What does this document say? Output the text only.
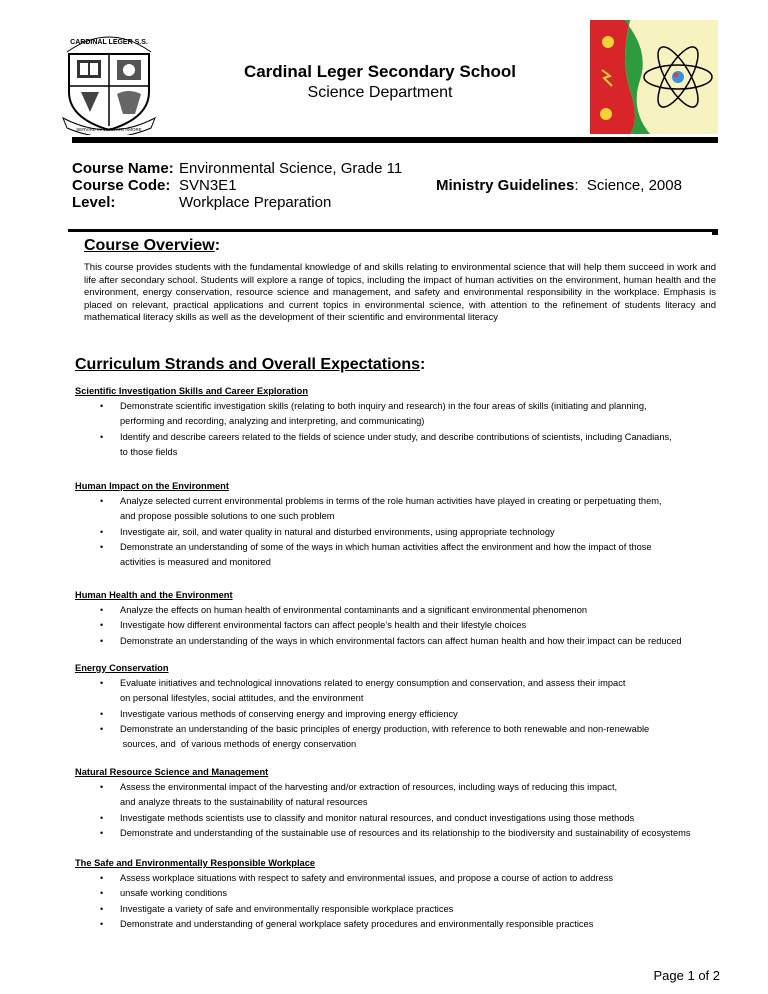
CARDINAL LEGER S.S.
SERVIRE IN VERITATE AMORE
Cardinal Leger Secondary School
Science Department
Course Name: Environmental Science, Grade 11
Course Code: SVN3E1
Level:	Workplace Preparation
Ministry Guidelines:  Science, 2008
Course Overview:
This course provides students with the fundamental knowledge of and skills relating to environmental science that will help them succeed in work and life after secondary school. Students will explore a range of topics, including the impact of human activities on the environment, human health and the environment, energy conservation, resource science and management, and safety and environmental responsibility in the workplace. Emphasis is placed on relevant, practical applications and current topics in environmental science, with attention to the refinement of students literacy and mathematical literacy skills as well as the development of their scientific and environmental literacy
Curriculum Strands and Overall Expectations:
Scientific Investigation Skills and Career Exploration
• Demonstrate scientific investigation skills (relating to both inquiry and research) in the four areas of skills (initiating and planning,
performing and recording, analyzing and interpreting, and communicating)
• Identify and describe careers related to the fields of science under study, and describe contributions of scientists, including Canadians,
to those fields
Human Impact on the Environment
• Analyze selected current environmental problems in terms of the role human activities have played in creating or perpetuating them,
and propose possible solutions to one such problem
• Investigate air, soil, and water quality in natural and disturbed environments, using appropriate technology
• Demonstrate an understanding of some of the ways in which human activities affect the environment and how the impact of those
activities is measured and monitored
Human Health and the Environment
• Analyze the effects on human health of environmental contaminants and a significant environmental phenomenon
• Investigate how different environmental factors can affect people’s health and their lifestyle choices
• Demonstrate an understanding of the ways in which environmental factors can affect human health and how their impact can be reduced
Energy Conservation
• Evaluate initiatives and technological innovations related to energy consumption and conservation, and assess their impact
on personal lifestyles, social attitudes, and the environment
• Investigate various methods of conserving energy and improving energy efficiency
• Demonstrate an understanding of the basic principles of energy production, with reference to both renewable and non-renewable
sources, and  of various methods of energy conservation
Natural Resource Science and Management
• Assess the environmental impact of the harvesting and/or extraction of resources, including ways of reducing this impact,
and analyze threats to the sustainability of natural resources
• Investigate methods scientists use to classify and monitor natural resources, and conduct investigations using those methods
• Demonstrate and understanding of the sustainable use of resources and its relationship to the biodiversity and sustainability of ecosystems
The Safe and Environmentally Responsible Workplace
• Assess workplace situations with respect to safety and environmental issues, and propose a course of action to address
• unsafe working conditions
• Investigate a variety of safe and environmentally responsible workplace practices
• Demonstrate and understanding of general workplace safety procedures and environmentally responsible practices
Page 1 of 2
